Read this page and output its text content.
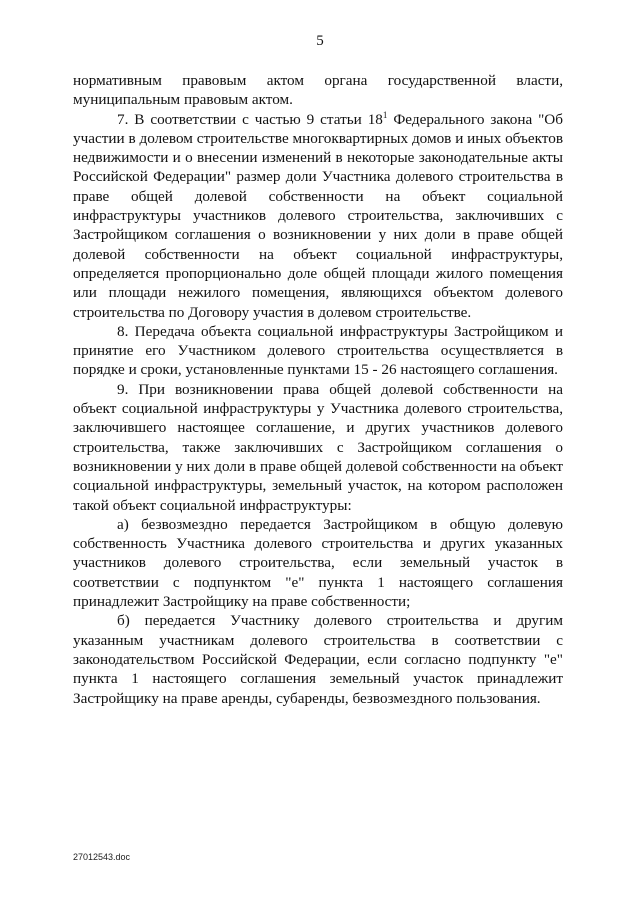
5

нормативным правовым актом органа государственной власти, муниципальным правовым актом.

7. В соответствии с частью 9 статьи $18^1$ Федерального закона "Об участии в долевом строительстве многоквартирных домов и иных объектов недвижимости и о внесении изменений в некоторые законодательные акты Российской Федерации" размер доли Участника долевого строительства в праве общей долевой собственности на объект социальной инфраструктуры участников долевого строительства, заключивших с Застройщиком соглашения о возникновении у них доли в праве общей долевой собственности на объект социальной инфраструктуры, определяется пропорционально доле общей площади жилого помещения или площади нежилого помещения, являющихся объектом долевого строительства по Договору участия в долевом строительстве.

8. Передача объекта социальной инфраструктуры Застройщиком и принятие его Участником долевого строительства осуществляется в порядке и сроки, установленные пунктами 15 - 26 настоящего соглашения.

9. При возникновении права общей долевой собственности на объект социальной инфраструктуры у Участника долевого строительства, заключившего настоящее соглашение, и других участников долевого строительства, также заключивших с Застройщиком соглашения о возникновении у них доли в праве общей долевой собственности на объект социальной инфраструктуры, земельный участок, на котором расположен такой объект социальной инфраструктуры:

а) безвозмездно передается Застройщиком в общую долевую собственность Участника долевого строительства и других указанных участников долевого строительства, если земельный участок в соответствии с подпунктом "е" пункта 1 настоящего соглашения принадлежит Застройщику на праве собственности;

б) передается Участнику долевого строительства и другим указанным участникам долевого строительства в соответствии с законодательством Российской Федерации, если согласно подпункту "е" пункта 1 настоящего соглашения земельный участок принадлежит Застройщику на праве аренды, субаренды, безвозмездного пользования.

27012543.doc
